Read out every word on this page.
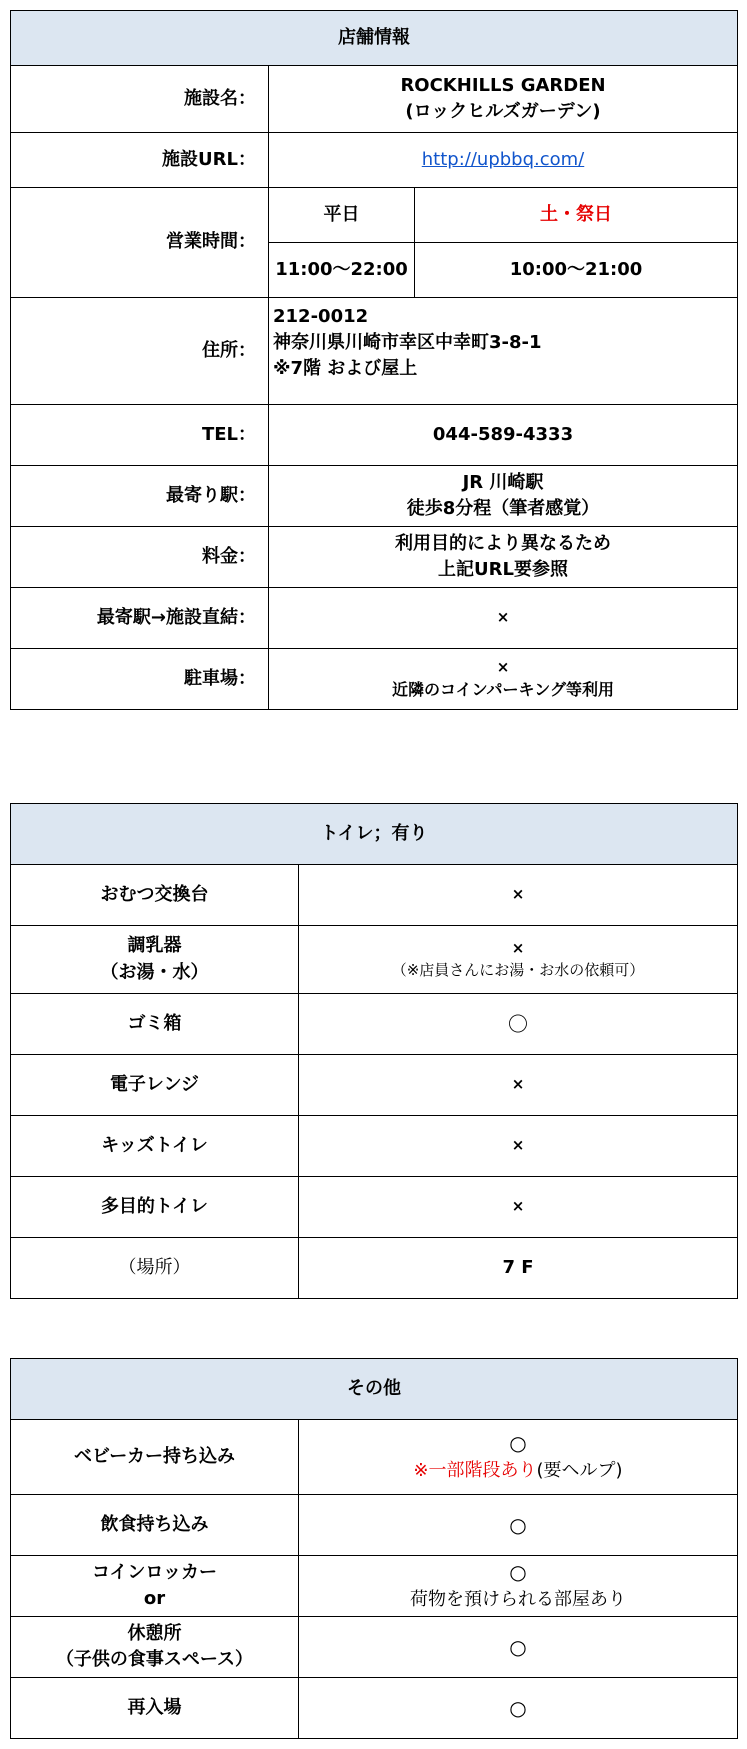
店舗情報		
施設名：	ROCKHILLS GARDEN
(ロックヒルズガーデン)	

施設URL：	http://upbbq.com/	
営業時間：	平日	土・祭日
	11:00～22:00	10:00～21:00
住所：	212-0012
神奈川県川崎市幸区中幸町3-8-1
※7階 および屋上	

TEL：	044-589-4333	
最寄り駅：	JR 川崎駅
徒歩8分程（筆者感覚）	

料金：	利用目的により異なるため
上記URL要参照	

最寄駅→施設直結：	×	
駐車場：	×
近隣のコインパーキング等利用	
トイレ；有り	
おむつ交換台	×

調乳器
（お湯・水）	×
（※店員さんにお湯・お水の依頼可）

ゴミ箱	〇
電子レンジ	×
キッズトイレ	×
多目的トイレ	×
（場所）	7 F
その他	
ベビーカー持ち込み	○
※一部階段あり(要ヘルプ)

飲食持ち込み	○

コインロッカー
or	○
荷物を預けられる部屋あり

休憩所
（子供の食事スペース）	○
再入場	○
